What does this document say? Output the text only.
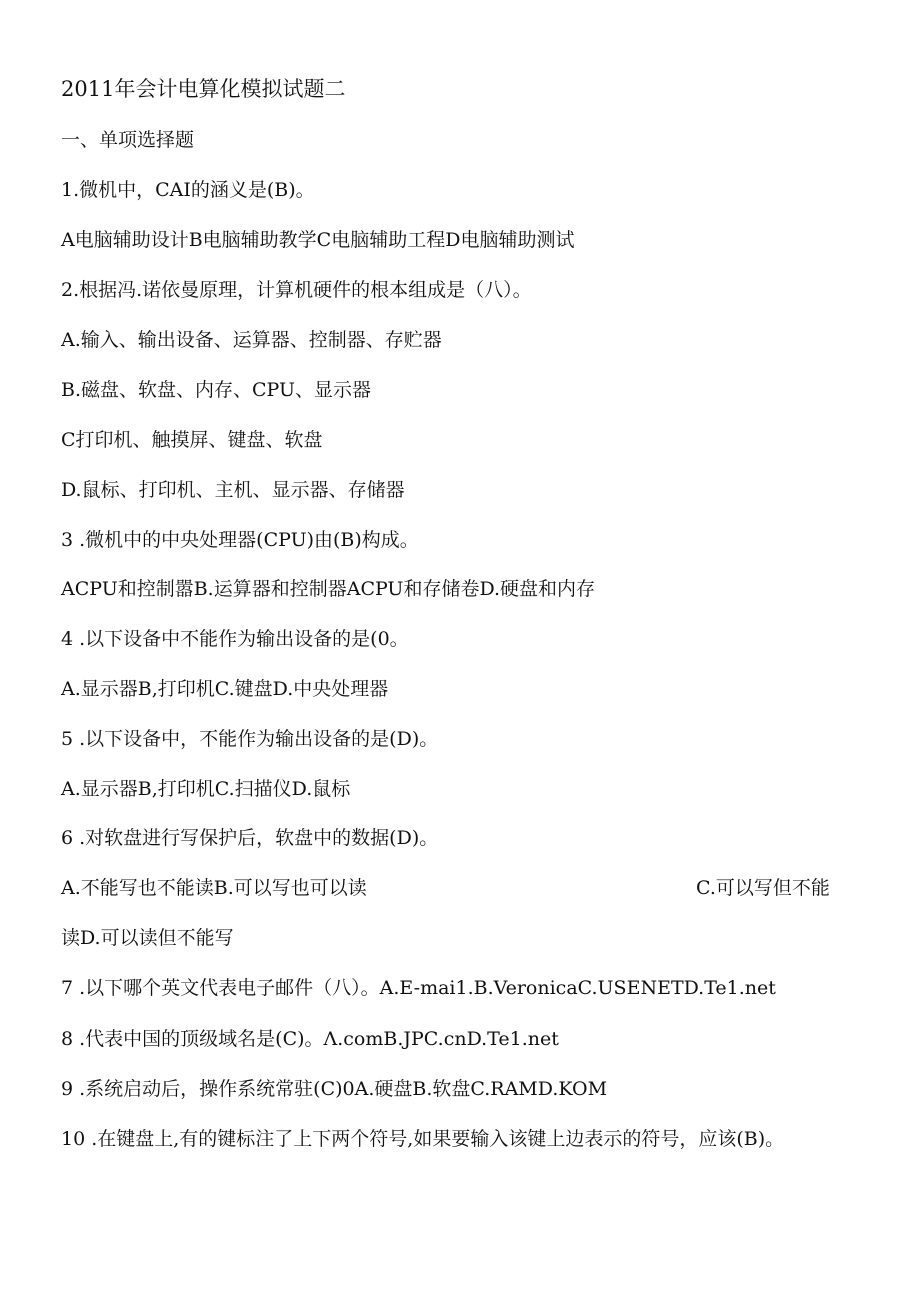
2011年会计电算化模拟试题二
一、单项选择题
1.微机中，CAI的涵义是(B)。
A电脑辅助设计B电脑辅助教学C电脑辅助工程D电脑辅助测试
2.根据冯.诺依曼原理，计算机硬件的根本组成是（八）。
A.输入、输出设备、运算器、控制器、存贮器
B.磁盘、软盘、内存、CPU、显示器
C打印机、触摸屏、键盘、软盘
D.鼠标、打印机、主机、显示器、存储器
3 .微机中的中央处理器(CPU)由(B)构成。
ACPU和控制嚣B.运算器和控制器ACPU和存储卷D.硬盘和内存
4 .以下设备中不能作为输出设备的是(0。
A.显示器B,打印机C.键盘D.中央处理器
5 .以下设备中，不能作为输出设备的是(D)。
A.显示器B,打印机C.扫描仪D.鼠标
6 .对软盘进行写保护后，软盘中的数据(D)。
A.不能写也不能读B.可以写也可以读	C.可以写但不能
读D.可以读但不能写
7 .以下哪个英文代表电子邮件（八）。A.E-mai1.B.VeronicaC.USENETD.Te1.net
8 .代表中国的顶级域名是(C)。Λ.comB.JPC.cnD.Te1.net
9 .系统启动后，操作系统常驻(C)0A.硬盘B.软盘C.RAMD.KOM
10 .在键盘上,有的键标注了上下两个符号,如果要输入该键上边表示的符号，应该(B)。
